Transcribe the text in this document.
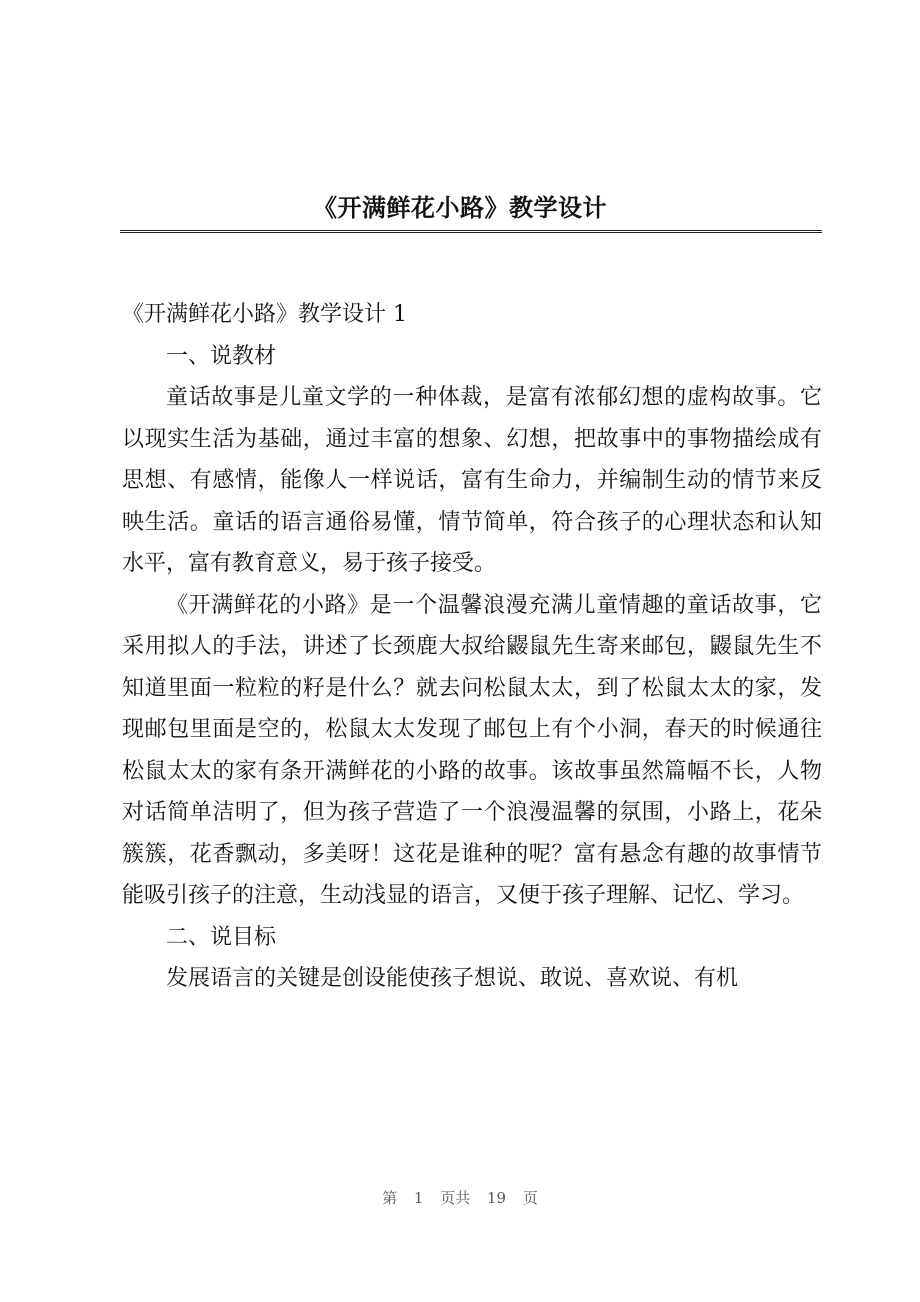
《开满鲜花小路》教学设计

《开满鲜花小路》教学设计 1

一、说教材

童话故事是儿童文学的一种体裁，是富有浓郁幻想的虚构故事。它以现实生活为基础，通过丰富的想象、幻想，把故事中的事物描绘成有思想、有感情，能像人一样说话，富有生命力，并编制生动的情节来反映生活。童话的语言通俗易懂，情节简单，符合孩子的心理状态和认知水平，富有教育意义，易于孩子接受。

《开满鲜花的小路》是一个温馨浪漫充满儿童情趣的童话故事，它采用拟人的手法，讲述了长颈鹿大叔给鼹鼠先生寄来邮包，鼹鼠先生不知道里面一粒粒的籽是什么？就去问松鼠太太，到了松鼠太太的家，发现邮包里面是空的，松鼠太太发现了邮包上有个小洞，春天的时候通往松鼠太太的家有条开满鲜花的小路的故事。该故事虽然篇幅不长，人物对话简单洁明了，但为孩子营造了一个浪漫温馨的氛围，小路上，花朵簇簇，花香飘动，多美呀！这花是谁种的呢？富有悬念有趣的故事情节能吸引孩子的注意，生动浅显的语言，又便于孩子理解、记忆、学习。

二、说目标

发展语言的关键是创设能使孩子想说、敢说、喜欢说、有机

第 1 页共 19 页
